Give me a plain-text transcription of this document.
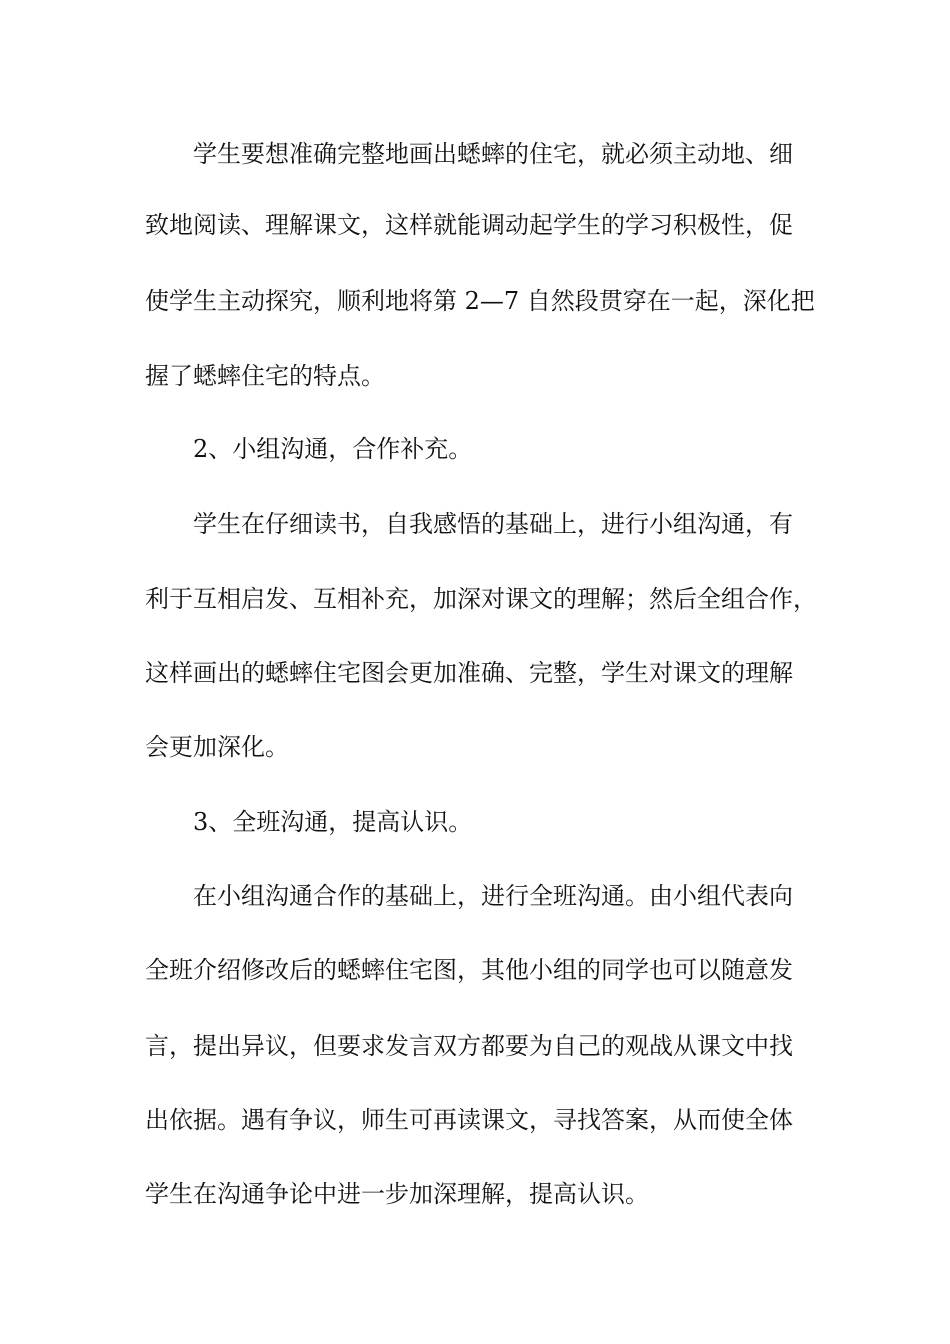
学生要想准确完整地画出蟋蟀的住宅，就必须主动地、细

致地阅读、理解课文，这样就能调动起学生的学习积极性，促

使学生主动探究，顺利地将第 2—7 自然段贯穿在一起，深化把

握了蟋蟀住宅的特点。

2、小组沟通，合作补充。

学生在仔细读书，自我感悟的基础上，进行小组沟通，有

利于互相启发、互相补充，加深对课文的理解；然后全组合作，

这样画出的蟋蟀住宅图会更加准确、完整，学生对课文的理解

会更加深化。

3、全班沟通，提高认识。

在小组沟通合作的基础上，进行全班沟通。由小组代表向

全班介绍修改后的蟋蟀住宅图，其他小组的同学也可以随意发

言，提出异议，但要求发言双方都要为自己的观战从课文中找

出依据。遇有争议，师生可再读课文，寻找答案，从而使全体

学生在沟通争论中进一步加深理解，提高认识。
